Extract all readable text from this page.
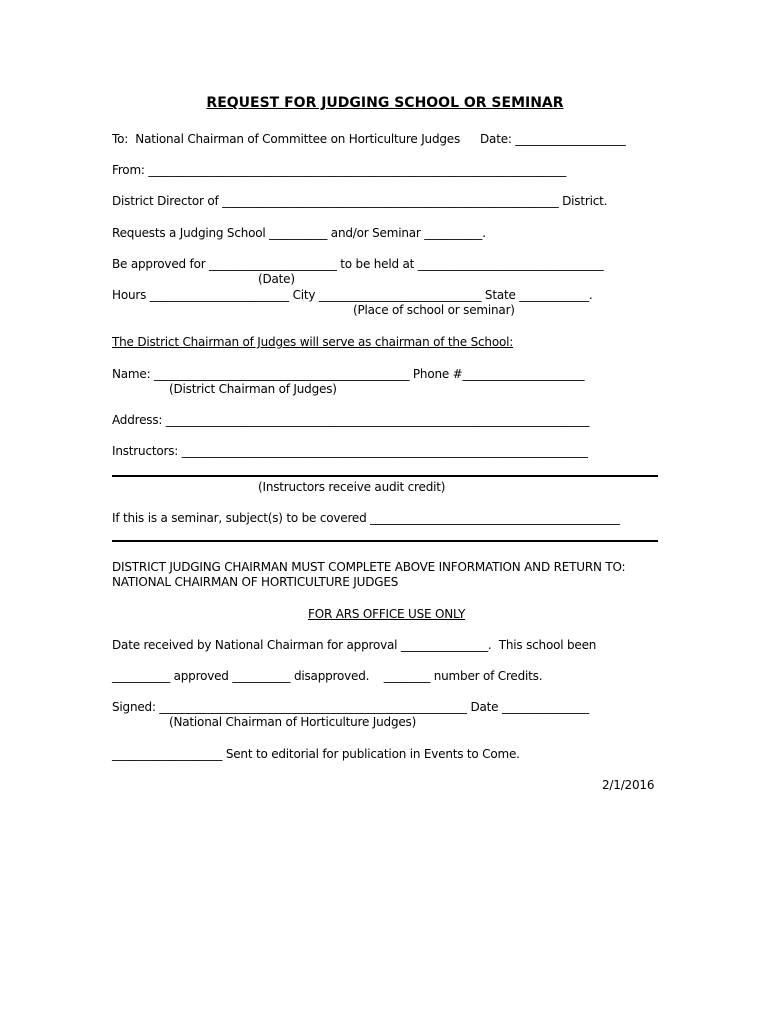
REQUEST FOR JUDGING SCHOOL OR SEMINAR
To:  National Chairman of Committee on Horticulture Judges Date: ___________________
From: ________________________________________________________________________
District Director of __________________________________________________________ District.
Requests a Judging School __________ and/or Seminar __________.
Be approved for ______________________ to be held at ________________________________
(Date)
Hours ________________________ City ____________________________ State ____________.
(Place of school or seminar)
The District Chairman of Judges will serve as chairman of the School:
Name: ____________________________________________ Phone #_____________________
(District Chairman of Judges)
Address: _________________________________________________________________________
Instructors: ______________________________________________________________________
(Instructors receive audit credit)
If this is a seminar, subject(s) to be covered ___________________________________________
DISTRICT JUDGING CHAIRMAN MUST COMPLETE ABOVE INFORMATION AND RETURN TO:
NATIONAL CHAIRMAN OF HORTICULTURE JUDGES
FOR ARS OFFICE USE ONLY
Date received by National Chairman for approval _______________.  This school been
__________ approved __________ disapproved.    ________ number of Credits.
Signed: _____________________________________________________ Date _______________
(National Chairman of Horticulture Judges)
___________________ Sent to editorial for publication in Events to Come.
2/1/2016
